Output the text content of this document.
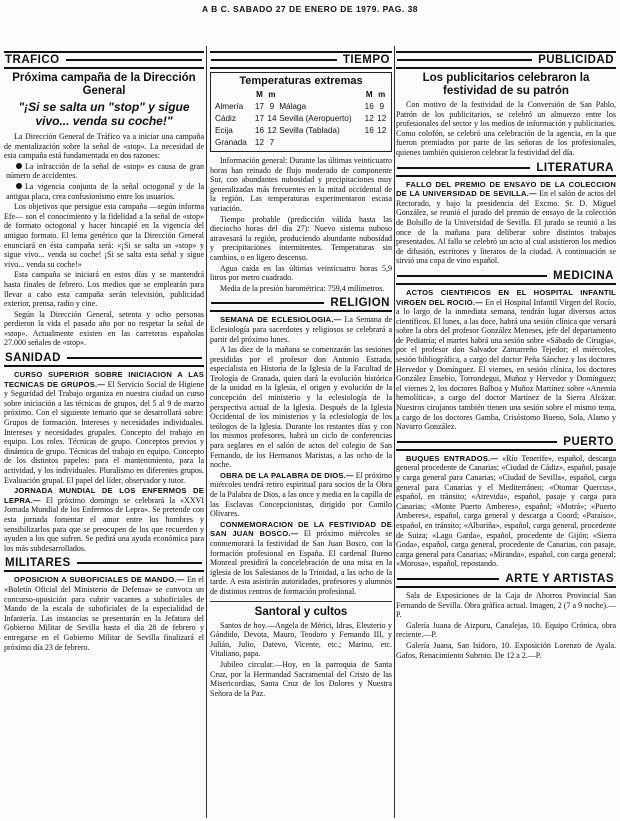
A B C. SABADO 27 DE ENERO DE 1979. PAG. 38
TRAFICO
Próxima campaña de la Dirección General
"¡Si se salta un "stop" y sigue vivo... venda su coche!"

La Dirección General de Tráfico va a iniciar una campaña de mentalización sobre la señal de «stop». La necesidad de esta campaña está fundamentada en dos razones:

La infracción de la señal de «stop» es causa de gran número de accidentes.

La vigencia conjunta de la señal octogonal y de la antigua placa, crea confusionismo entre los usuarios.

Los objetivos que persigue esta campaña —según informa Efe— son el conocimiento y la fidelidad a la señal de «stop» de formato octogonal y hacer hincapié en la vigencia del antiguo formato. El lema genérico que la Dirección General enunciará en ésta campaña será: «¡Si se salta un «stop» y sigue vivo... venda su coche! ¡Si se salta esta señal y sigue vivo... venda su coche!»

Esta campaña se iniciará en estos días y se mantendrá hasta finales de febrero. Los medios que se emplearán para llevar a cabo esta campaña serán televisión, publicidad exterior, prensa, radio y cine.

Según la Dirección General, setenta y ocho personas perdieron la vida el pasado año por no respetar la señal de «stop». Actualmente existen en las carreteras españolas 27.000 señales de «stop».

SANIDAD

CURSO SUPERIOR SOBRE INICIACION A LAS TECNICAS DE GRUPOS.— El Servicio Social de Higiene y Seguridad del Trabajo organiza en nuestra ciudad un curso sobre iniciación a las técnicas de grupos, del 5 al 9 de marzo próximo. Con el siguiente temario que se desarrollará sobre: Grupos de formación. Intereses y necesidades individuales. Intereses y necesidades grupales. Concepto del trabajo en equipo. Los roles. Técnicas de grupo. Conceptos previos y dinámica de grupo. Técnicas del trabajo en equipo. Concepto de los distintos papeles: para el mantenimiento, para la actividad, y los individuales. Pluralismo en diferentes grupos. Evaluación grupal. El papel del líder, observador y tutor.

JORNADA MUNDIAL DE LOS ENFERMOS DE LEPRA.— El próximo domingo se celebrará la «XXVI Jornada Mundial de los Enfermos de Lepra». Se pretende con esta jornada fomentar el amor entre los hombres y sensibilizarlos para que se preocupen de los que recuerden y ayuden a los que sufren. Se pedirá una ayuda económica para los más subdesarrollados.

MILITARES

OPOSICION A SUBOFICIALES DE MANDO.— En el «Boletín Oficial del Ministerio de Defensa» se convoca un concurso-oposición para cubrir vacantes a suboficiales de Mando de la escala de suboficiales de la especialidad de Infantería. Las instancias se presentarán en la Jefatura del Gobierno Militar de Sevilla hasta el día 28 de febrero y entregarse en el Gobierno Militar de Sevilla finalizará el próximo día 23 de febrero.

TIEMPO
Temperaturas extremas
	M	m		M	m
Almería	17	9	Málaga	16	9
Cádiz	17	14	Sevilla (Aeropuerto)	12	12
Ecija	16	12	Sevilla (Tablada)	16	12
Granada	12	7			

Información general: Durante las últimas veinticuatro horas han reinado de flujo moderado de componente Sur, con abundantes nubosidad y precipitaciones muy generalizadas más frecuentes en la mitad occidental de la región. Las temperaturas experimentaron escasa variación.

Tiempo probable (predicción válida hasta las dieciocho horas del día 27): Nuevo sistema nuboso atravesará la región, produciendo abundante nubosidad y precipitaciones intermitentes. Temperaturas sin cambios, o en ligero descenso.

Agua caída en las últimas veinticuatro horas 5,9 litros por metro cuadrado.

Media de la presión barométrica: 759,4 milímetros.

RELIGION

SEMANA DE ECLESIOLOGIA.— La Semana de Eclesiología para sacerdotes y religiosos se celebrará a partir del próximo lunes.

A las diez de la mañana se comenzarán las sesiones presididas por el profesor don Antonio Estrada, especialista en Historia de la Iglesia de la Facultad de Teología de Granada, quien dará la evolución histórica de la unidad en la Iglesia, el origen y evolución de la concepción del ministerio y la eclesiología de la perspectiva actual de la Iglesia. Después de la Iglesia Occidental de los ministerios y la eclesiología de los teólogos de la Iglesia. Durante los restantes días y con los mismos profesores, habrá un ciclo de conferencias para seglares en el salón de actos del colegio de San Fernando, de los Hermanos Maristas, a las ocho de la noche.

OBRA DE LA PALABRA DE DIOS.— El próximo miércoles tendrá retiro espiritual para socios de la Obra de la Palabra de Dios, a las once y media en la capilla de las Esclavas Concepcionistas, dirigido por Camilo Olivares.

CONMEMORACION DE LA FESTIVIDAD DE SAN JUAN BOSCO.— El próximo miércoles se conmemorará la festividad de San Juan Bosco, con la formación profesional en España. El cardenal Bueno Monreal presidirá la concelebración de una misa en la iglesia de los Salesianos de la Trinidad, a las ocho de la tarde. A esta asistirán autoridades, profesores y alumnos de distintos centros de formación profesional.

Santoral y cultos

Santos de hoy.—Angela de Mérici, Idras, Eleuterio y Gándido, Devota, Mauro, Teodoro y Fernando III, y Julián, Julio, Datevo, Vicente, etc.; Marino, etc. Vitaliano, papa.

Jubileo circular.—Hoy, en la parroquia de Santa Cruz, por la Hermandad Sacramental del Cristo de las Misericordias, Santa Cruz de los Dolores y Nuestra Señora de la Paz.

PUBLICIDAD
Los publicitarios celebraron la festividad de su patrón

Con motivo de la festividad de la Conversión de San Pablo, Patrón de los publicitarios, se celebró un almuerzo entre los profesionales del sector y los medios de información y publicitarios. Como colofón, se celebró una celebración de la agencia, en la que fueron premiados por parte de las señoras de los profesionales, quienes también quisieron celebrar la festividad del día.

LITERATURA

FALLO DEL PREMIO DE ENSAYO DE LA COLECCION DE LA UNIVERSIDAD DE SEVILLA.— En el salón de actos del Rectorado, y bajo la presidencia del Excmo. Sr. D. Miguel González, se reunió el jurado del premio de ensayo de la colección de Bolsillo de la Universidad de Sevilla. El jurado se reunió a las once de la mañana para deliberar sobre distintos trabajos presentados. Al fallo se celebró un acto al cual asistieron los medios de difusión, escritores y literatos de la ciudad. A continuación se sirvió una copa de vino español.

MEDICINA

ACTOS CIENTIFICOS EN EL HOSPITAL INFANTIL VIRGEN DEL ROCIO.— En el Hospital Infantil Virgen del Rocío, a lo largo de la inmediata semana, tendrán lugar diversos actos científicos. El lunes, a las doce, habrá una sesión clínica que versará sobre la obra del profesor González Meneses, jefe del departamento de Pediatría; el martes habrá una sesión sobre «Sábado de Cirugía», por el profesor don Salvador Zamarreño Tejedor; el miércoles, sesión bibliográfica, a cargo del doctor Peña Sánchez y los doctores Hervedor y Domínguez. El viernes, en sesión clínica, los doctores González Ensebio, Torrondegui, Muñoz y Hervedor y Domínguez; el viernes 2, los doctores Balboa y Muñoz Martínez sobre «Anemia hemolítica», a cargo del doctor Martínez de la Sierra Alcázar. Nuestros cirujanos también tienen una sesión sobre el mismo tema, a cargo de los doctores Gamba, Crisóstomo Bueno, Sola, Alamo y Navarro González.

PUERTO

BUQUES ENTRADOS.— «Río Tenerife», español, descarga general procedente de Canarias; «Ciudad de Cádiz», español, pasaje y carga general para Canarias; «Ciudad de Sevilla», español, carga general para Canarias y el Mediterráneo; «Otomar Quercus», español, en tránsito; «Atrevida», español, pasaje y carga para Canarias; «Monte Puerto Amberes», español; «Motrá»; «Puerto Amberes», español, carga general y descarga a Coord; «Paraíso», español, en tránsito; «Albariña», español, carga general, procedente de Suiza; «Lago Garda», español, procedente de Gijón; «Sierra Goda», español, carga general, procedente de Canarias, con pasaje, carga general para Canarias; «Miranda», español, con carga general; «Morosa», español, repostando.

ARTE Y ARTISTAS

Sala de Exposiciones de la Caja de Ahorros Provincial San Fernando de Sevilla. Obra gráfica actual. Imagen, 2 (7 a 9 noche).—P.

Galería Juana de Aizpuru, Canalejas, 10. Equipo Crónica, obra reciente.—P.

Galería Juana, San Isidoro, 10. Exposición Lorenzo de Ayala. Gafos, Renacimiento Subroto. De 12 a 2.—P.
